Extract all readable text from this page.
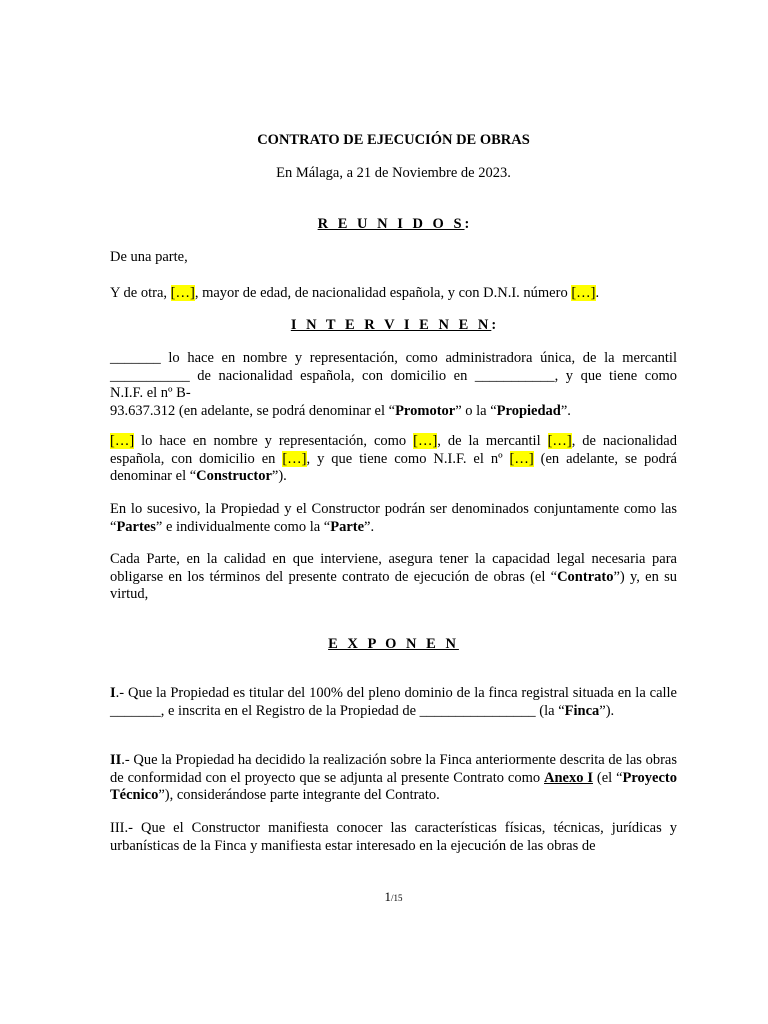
CONTRATO DE EJECUCIÓN DE OBRAS

En Málaga, a 21 de Noviembre de 2023.

R E U N I D O S:

De una parte,

Y de otra, […], mayor de edad, de nacionalidad española, y con D.N.I. número […].

I N T E R V I E N E N:

_______ lo hace en nombre y representación, como administradora única, de la mercantil
___________ de nacionalidad española, con domicilio en ___________, y que tiene como
N.I.F. el nº B-
93.637.312 (en adelante, se podrá denominar el “Promotor” o la “Propiedad”.

[…] lo hace en nombre y representación, como […], de la mercantil […], de nacionalidad española, con domicilio en […], y que tiene como N.I.F. el nº […] (en adelante, se podrá denominar el “Constructor”).

En lo sucesivo, la Propiedad y el Constructor podrán ser denominados conjuntamente como las “Partes” e individualmente como la “Parte”.

Cada Parte, en la calidad en que interviene, asegura tener la capacidad legal necesaria para obligarse en los términos del presente contrato de ejecución de obras (el “Contrato”) y, en su virtud,

E X P O N E N

I.- Que la Propiedad es titular del 100% del pleno dominio de la finca registral situada en la calle _______, e inscrita en el Registro de la Propiedad de ________________ (la “Finca”).

II.- Que la Propiedad ha decidido la realización sobre la Finca anteriormente descrita de las obras de conformidad con el proyecto que se adjunta al presente Contrato como Anexo I (el “Proyecto Técnico”), considerándose parte integrante del Contrato.

III.- Que el Constructor manifiesta conocer las características físicas, técnicas, jurídicas y urbanísticas de la Finca y manifiesta estar interesado en la ejecución de las obras de

1/15
